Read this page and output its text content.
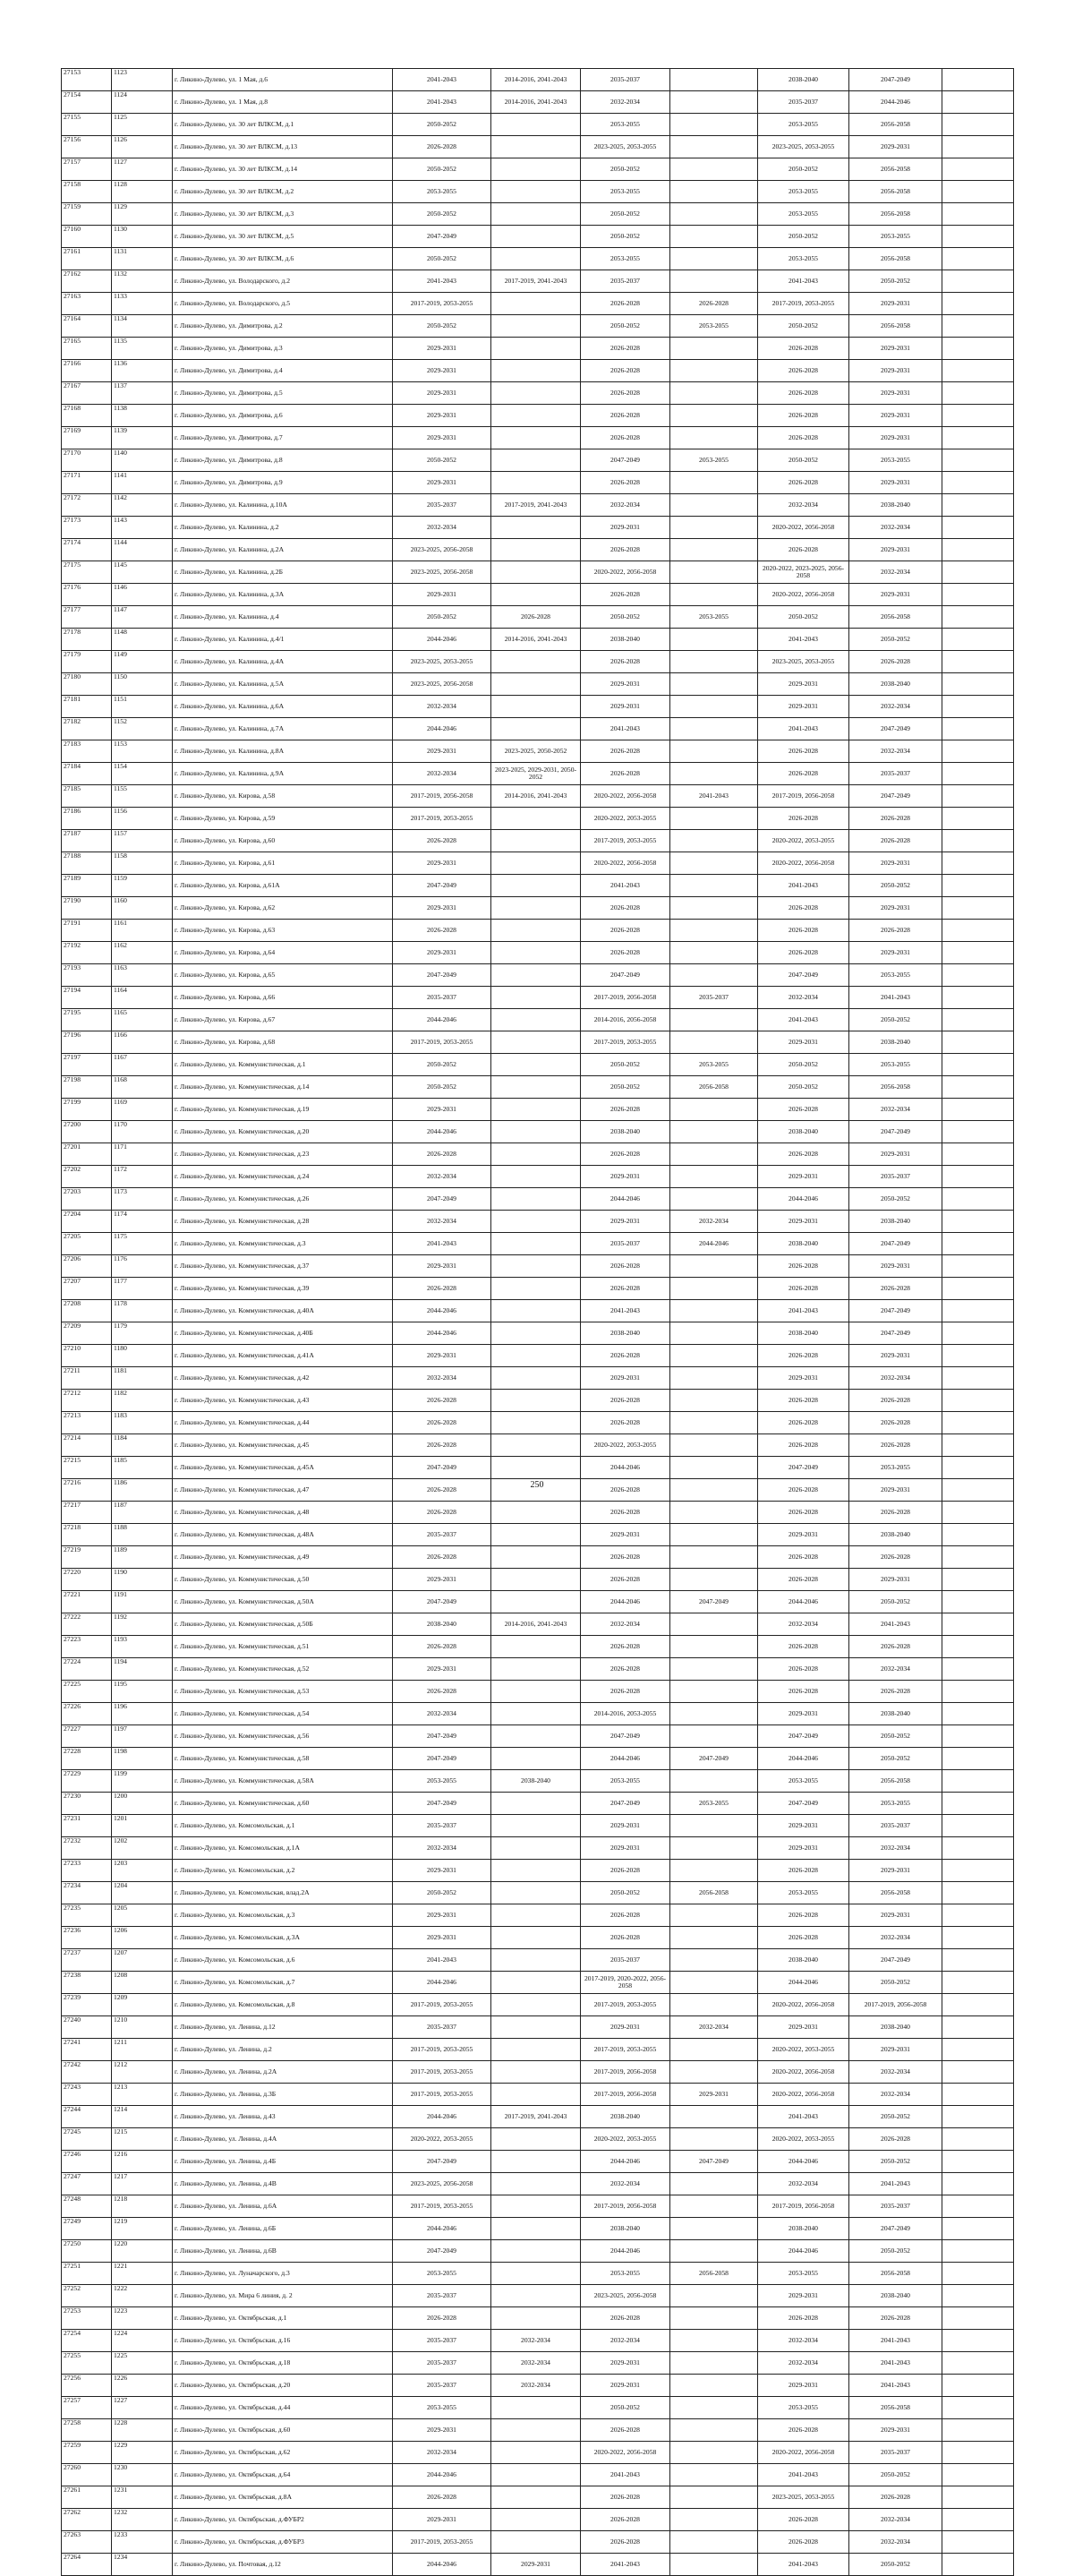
27153	1123	г. Ликино-Дулево, ул. 1 Мая, д.6	2041-2043	2014-2016, 2041-2043	2035-2037		2038-2040	2047-2049	
27154	1124	г. Ликино-Дулево, ул. 1 Мая, д.8	2041-2043	2014-2016, 2041-2043	2032-2034		2035-2037	2044-2046	
27155	1125	г. Ликино-Дулево, ул. 30 лет ВЛКСМ, д.1	2050-2052		2053-2055		2053-2055	2056-2058	
27156	1126	г. Ликино-Дулево, ул. 30 лет ВЛКСМ, д.13	2026-2028		2023-2025, 2053-2055		2023-2025, 2053-2055	2029-2031	
27157	1127	г. Ликино-Дулево, ул. 30 лет ВЛКСМ, д.14	2050-2052		2050-2052		2050-2052	2056-2058	
27158	1128	г. Ликино-Дулево, ул. 30 лет ВЛКСМ, д.2	2053-2055		2053-2055		2053-2055	2056-2058	
27159	1129	г. Ликино-Дулево, ул. 30 лет ВЛКСМ, д.3	2050-2052		2050-2052		2053-2055	2056-2058	
27160	1130	г. Ликино-Дулево, ул. 30 лет ВЛКСМ, д.5	2047-2049		2050-2052		2050-2052	2053-2055	
27161	1131	г. Ликино-Дулево, ул. 30 лет ВЛКСМ, д.6	2050-2052		2053-2055		2053-2055	2056-2058	
27162	1132	г. Ликино-Дулево, ул. Володарского, д.2	2041-2043	2017-2019, 2041-2043	2035-2037		2041-2043	2050-2052	
27163	1133	г. Ликино-Дулево, ул. Володарского, д.5	2017-2019, 2053-2055		2026-2028	2026-2028	2017-2019, 2053-2055	2029-2031	
27164	1134	г. Ликино-Дулево, ул. Димитрова, д.2	2050-2052		2050-2052	2053-2055	2050-2052	2056-2058	
27165	1135	г. Ликино-Дулево, ул. Димитрова, д.3	2029-2031		2026-2028		2026-2028	2029-2031	
27166	1136	г. Ликино-Дулево, ул. Димитрова, д.4	2029-2031		2026-2028		2026-2028	2029-2031	
27167	1137	г. Ликино-Дулево, ул. Димитрова, д.5	2029-2031		2026-2028		2026-2028	2029-2031	
27168	1138	г. Ликино-Дулево, ул. Димитрова, д.6	2029-2031		2026-2028		2026-2028	2029-2031	
27169	1139	г. Ликино-Дулево, ул. Димитрова, д.7	2029-2031		2026-2028		2026-2028	2029-2031	
27170	1140	г. Ликино-Дулево, ул. Димитрова, д.8	2050-2052		2047-2049	2053-2055	2050-2052	2053-2055	
27171	1141	г. Ликино-Дулево, ул. Димитрова, д.9	2029-2031		2026-2028		2026-2028	2029-2031	
27172	1142	г. Ликино-Дулево, ул. Калинина, д.10А	2035-2037	2017-2019, 2041-2043	2032-2034		2032-2034	2038-2040	
27173	1143	г. Ликино-Дулево, ул. Калинина, д.2	2032-2034		2029-2031		2020-2022, 2056-2058	2032-2034	
27174	1144	г. Ликино-Дулево, ул. Калинина, д.2А	2023-2025, 2056-2058		2026-2028		2026-2028	2029-2031	
27175	1145	г. Ликино-Дулево, ул. Калинина, д.2Б	2023-2025, 2056-2058		2020-2022, 2056-2058		2020-2022, 2023-2025, 2056-2058	2032-2034	
27176	1146	г. Ликино-Дулево, ул. Калинина, д.3А	2029-2031		2026-2028		2020-2022, 2056-2058	2029-2031	
27177	1147	г. Ликино-Дулево, ул. Калинина, д.4	2050-2052	2026-2028	2050-2052	2053-2055	2050-2052	2056-2058	
27178	1148	г. Ликино-Дулево, ул. Калинина, д.4/1	2044-2046	2014-2016, 2041-2043	2038-2040		2041-2043	2050-2052	
27179	1149	г. Ликино-Дулево, ул. Калинина, д.4А	2023-2025, 2053-2055		2026-2028		2023-2025, 2053-2055	2026-2028	
27180	1150	г. Ликино-Дулево, ул. Калинина, д.5А	2023-2025, 2056-2058		2029-2031		2029-2031	2038-2040	
27181	1151	г. Ликино-Дулево, ул. Калинина, д.6А	2032-2034		2029-2031		2029-2031	2032-2034	
27182	1152	г. Ликино-Дулево, ул. Калинина, д.7А	2044-2046		2041-2043		2041-2043	2047-2049	
27183	1153	г. Ликино-Дулево, ул. Калинина, д.8А	2029-2031	2023-2025, 2050-2052	2026-2028		2026-2028	2032-2034	
27184	1154	г. Ликино-Дулево, ул. Калинина, д.9А	2032-2034	2023-2025, 2029-2031, 2050-2052	2026-2028		2026-2028	2035-2037	
27185	1155	г. Ликино-Дулево, ул. Кирова, д.58	2017-2019, 2056-2058	2014-2016, 2041-2043	2020-2022, 2056-2058	2041-2043	2017-2019, 2056-2058	2047-2049	
27186	1156	г. Ликино-Дулево, ул. Кирова, д.59	2017-2019, 2053-2055		2020-2022, 2053-2055		2026-2028	2026-2028	
27187	1157	г. Ликино-Дулево, ул. Кирова, д.60	2026-2028		2017-2019, 2053-2055		2020-2022, 2053-2055	2026-2028	
27188	1158	г. Ликино-Дулево, ул. Кирова, д.61	2029-2031		2020-2022, 2056-2058		2020-2022, 2056-2058	2029-2031	
27189	1159	г. Ликино-Дулево, ул. Кирова, д.61А	2047-2049		2041-2043		2041-2043	2050-2052	
27190	1160	г. Ликино-Дулево, ул. Кирова, д.62	2029-2031		2026-2028		2026-2028	2029-2031	
27191	1161	г. Ликино-Дулево, ул. Кирова, д.63	2026-2028		2026-2028		2026-2028	2026-2028	
27192	1162	г. Ликино-Дулево, ул. Кирова, д.64	2029-2031		2026-2028		2026-2028	2029-2031	
27193	1163	г. Ликино-Дулево, ул. Кирова, д.65	2047-2049		2047-2049		2047-2049	2053-2055	
27194	1164	г. Ликино-Дулево, ул. Кирова, д.66	2035-2037		2017-2019, 2056-2058	2035-2037	2032-2034	2041-2043	
27195	1165	г. Ликино-Дулево, ул. Кирова, д.67	2044-2046		2014-2016, 2056-2058		2041-2043	2050-2052	
27196	1166	г. Ликино-Дулево, ул. Кирова, д.68	2017-2019, 2053-2055		2017-2019, 2053-2055		2029-2031	2038-2040	
27197	1167	г. Ликино-Дулево, ул. Коммунистическая, д.1	2050-2052		2050-2052	2053-2055	2050-2052	2053-2055	
27198	1168	г. Ликино-Дулево, ул. Коммунистическая, д.14	2050-2052		2050-2052	2056-2058	2050-2052	2056-2058	
27199	1169	г. Ликино-Дулево, ул. Коммунистическая, д.19	2029-2031		2026-2028		2026-2028	2032-2034	
27200	1170	г. Ликино-Дулево, ул. Коммунистическая, д.20	2044-2046		2038-2040		2038-2040	2047-2049	
27201	1171	г. Ликино-Дулево, ул. Коммунистическая, д.23	2026-2028		2026-2028		2026-2028	2029-2031	
27202	1172	г. Ликино-Дулево, ул. Коммунистическая, д.24	2032-2034		2029-2031		2029-2031	2035-2037	
27203	1173	г. Ликино-Дулево, ул. Коммунистическая, д.26	2047-2049		2044-2046		2044-2046	2050-2052	
27204	1174	г. Ликино-Дулево, ул. Коммунистическая, д.28	2032-2034		2029-2031	2032-2034	2029-2031	2038-2040	
27205	1175	г. Ликино-Дулево, ул. Коммунистическая, д.3	2041-2043		2035-2037	2044-2046	2038-2040	2047-2049	
27206	1176	г. Ликино-Дулево, ул. Коммунистическая, д.37	2029-2031		2026-2028		2026-2028	2029-2031	
27207	1177	г. Ликино-Дулево, ул. Коммунистическая, д.39	2026-2028		2026-2028		2026-2028	2026-2028	
27208	1178	г. Ликино-Дулево, ул. Коммунистическая, д.40А	2044-2046		2041-2043		2041-2043	2047-2049	
27209	1179	г. Ликино-Дулево, ул. Коммунистическая, д.40Б	2044-2046		2038-2040		2038-2040	2047-2049	
27210	1180	г. Ликино-Дулево, ул. Коммунистическая, д.41А	2029-2031		2026-2028		2026-2028	2029-2031	
27211	1181	г. Ликино-Дулево, ул. Коммунистическая, д.42	2032-2034		2029-2031		2029-2031	2032-2034	
27212	1182	г. Ликино-Дулево, ул. Коммунистическая, д.43	2026-2028		2026-2028		2026-2028	2026-2028	
27213	1183	г. Ликино-Дулево, ул. Коммунистическая, д.44	2026-2028		2026-2028		2026-2028	2026-2028	
27214	1184	г. Ликино-Дулево, ул. Коммунистическая, д.45	2026-2028		2020-2022, 2053-2055		2026-2028	2026-2028	
27215	1185	г. Ликино-Дулево, ул. Коммунистическая, д.45А	2047-2049		2044-2046		2047-2049	2053-2055	
27216	1186	г. Ликино-Дулево, ул. Коммунистическая, д.47	2026-2028		2026-2028		2026-2028	2029-2031	
27217	1187	г. Ликино-Дулево, ул. Коммунистическая, д.48	2026-2028		2026-2028		2026-2028	2026-2028	
27218	1188	г. Ликино-Дулево, ул. Коммунистическая, д.48А	2035-2037		2029-2031		2029-2031	2038-2040	
27219	1189	г. Ликино-Дулево, ул. Коммунистическая, д.49	2026-2028		2026-2028		2026-2028	2026-2028	
27220	1190	г. Ликино-Дулево, ул. Коммунистическая, д.50	2029-2031		2026-2028		2026-2028	2029-2031	
27221	1191	г. Ликино-Дулево, ул. Коммунистическая, д.50А	2047-2049		2044-2046	2047-2049	2044-2046	2050-2052	
27222	1192	г. Ликино-Дулево, ул. Коммунистическая, д.50Б	2038-2040	2014-2016, 2041-2043	2032-2034		2032-2034	2041-2043	
27223	1193	г. Ликино-Дулево, ул. Коммунистическая, д.51	2026-2028		2026-2028		2026-2028	2026-2028	
27224	1194	г. Ликино-Дулево, ул. Коммунистическая, д.52	2029-2031		2026-2028		2026-2028	2032-2034	
27225	1195	г. Ликино-Дулево, ул. Коммунистическая, д.53	2026-2028		2026-2028		2026-2028	2026-2028	
27226	1196	г. Ликино-Дулево, ул. Коммунистическая, д.54	2032-2034		2014-2016, 2053-2055		2029-2031	2038-2040	
27227	1197	г. Ликино-Дулево, ул. Коммунистическая, д.56	2047-2049		2047-2049		2047-2049	2050-2052	
27228	1198	г. Ликино-Дулево, ул. Коммунистическая, д.58	2047-2049		2044-2046	2047-2049	2044-2046	2050-2052	
27229	1199	г. Ликино-Дулево, ул. Коммунистическая, д.58А	2053-2055	2038-2040	2053-2055		2053-2055	2056-2058	
27230	1200	г. Ликино-Дулево, ул. Коммунистическая, д.60	2047-2049		2047-2049	2053-2055	2047-2049	2053-2055	
27231	1201	г. Ликино-Дулево, ул. Комсомольская, д.1	2035-2037		2029-2031		2029-2031	2035-2037	
27232	1202	г. Ликино-Дулево, ул. Комсомольская, д.1А	2032-2034		2029-2031		2029-2031	2032-2034	
27233	1203	г. Ликино-Дулево, ул. Комсомольская, д.2	2029-2031		2026-2028		2026-2028	2029-2031	
27234	1204	г. Ликино-Дулево, ул. Комсомольская, влад.2А	2050-2052		2050-2052	2056-2058	2053-2055	2056-2058	
27235	1205	г. Ликино-Дулево, ул. Комсомольская, д.3	2029-2031		2026-2028		2026-2028	2029-2031	
27236	1206	г. Ликино-Дулево, ул. Комсомольская, д.3А	2029-2031		2026-2028		2026-2028	2032-2034	
27237	1207	г. Ликино-Дулево, ул. Комсомольская, д.6	2041-2043		2035-2037		2038-2040	2047-2049	
27238	1208	г. Ликино-Дулево, ул. Комсомольская, д.7	2044-2046		2017-2019, 2020-2022, 2056-2058		2044-2046	2050-2052	
27239	1209	г. Ликино-Дулево, ул. Комсомольская, д.8	2017-2019, 2053-2055		2017-2019, 2053-2055		2020-2022, 2056-2058	2017-2019, 2056-2058	
27240	1210	г. Ликино-Дулево, ул. Ленина, д.12	2035-2037		2029-2031	2032-2034	2029-2031	2038-2040	
27241	1211	г. Ликино-Дулево, ул. Ленина, д.2	2017-2019, 2053-2055		2017-2019, 2053-2055		2020-2022, 2053-2055	2029-2031	
27242	1212	г. Ликино-Дулево, ул. Ленина, д.2А	2017-2019, 2053-2055		2017-2019, 2056-2058		2020-2022, 2056-2058	2032-2034	
27243	1213	г. Ликино-Дулево, ул. Ленина, д.3Б	2017-2019, 2053-2055		2017-2019, 2056-2058	2029-2031	2020-2022, 2056-2058	2032-2034	
27244	1214	г. Ликино-Дулево, ул. Ленина, д.43	2044-2046	2017-2019, 2041-2043	2038-2040		2041-2043	2050-2052	
27245	1215	г. Ликино-Дулево, ул. Ленина, д.4А	2020-2022, 2053-2055		2020-2022, 2053-2055		2020-2022, 2053-2055	2026-2028	
27246	1216	г. Ликино-Дулево, ул. Ленина, д.4Б	2047-2049		2044-2046	2047-2049	2044-2046	2050-2052	
27247	1217	г. Ликино-Дулево, ул. Ленина, д.4В	2023-2025, 2056-2058		2032-2034		2032-2034	2041-2043	
27248	1218	г. Ликино-Дулево, ул. Ленина, д.6А	2017-2019, 2053-2055		2017-2019, 2056-2058		2017-2019, 2056-2058	2035-2037	
27249	1219	г. Ликино-Дулево, ул. Ленина, д.6Б	2044-2046		2038-2040		2038-2040	2047-2049	
27250	1220	г. Ликино-Дулево, ул. Ленина, д.6В	2047-2049		2044-2046		2044-2046	2050-2052	
27251	1221	г. Ликино-Дулево, ул. Луначарского, д.3	2053-2055		2053-2055	2056-2058	2053-2055	2056-2058	
27252	1222	г. Ликино-Дулево, ул. Мира 6 линия, д. 2	2035-2037		2023-2025, 2056-2058		2029-2031	2038-2040	
27253	1223	г. Ликино-Дулево, ул. Октябрьская, д.1	2026-2028		2026-2028		2026-2028	2026-2028	
27254	1224	г. Ликино-Дулево, ул. Октябрьская, д.16	2035-2037	2032-2034	2032-2034		2032-2034	2041-2043	
27255	1225	г. Ликино-Дулево, ул. Октябрьская, д.18	2035-2037	2032-2034	2029-2031		2032-2034	2041-2043	
27256	1226	г. Ликино-Дулево, ул. Октябрьская, д.20	2035-2037	2032-2034	2029-2031		2029-2031	2041-2043	
27257	1227	г. Ликино-Дулево, ул. Октябрьская, д.44	2053-2055		2050-2052		2053-2055	2056-2058	
27258	1228	г. Ликино-Дулево, ул. Октябрьская, д.60	2029-2031		2026-2028		2026-2028	2029-2031	
27259	1229	г. Ликино-Дулево, ул. Октябрьская, д.62	2032-2034		2020-2022, 2056-2058		2020-2022, 2056-2058	2035-2037	
27260	1230	г. Ликино-Дулево, ул. Октябрьская, д.64	2044-2046		2041-2043		2041-2043	2050-2052	
27261	1231	г. Ликино-Дулево, ул. Октябрьская, д.8А	2026-2028		2026-2028		2023-2025, 2053-2055	2026-2028	
27262	1232	г. Ликино-Дулево, ул. Октябрьская, д.ФУБР2	2029-2031		2026-2028		2026-2028	2032-2034	
27263	1233	г. Ликино-Дулево, ул. Октябрьская, д.ФУБР3	2017-2019, 2053-2055		2026-2028		2026-2028	2032-2034	
27264	1234	г. Ликино-Дулево, ул. Почтовая, д.12	2044-2046	2029-2031	2041-2043		2041-2043	2050-2052	
250
